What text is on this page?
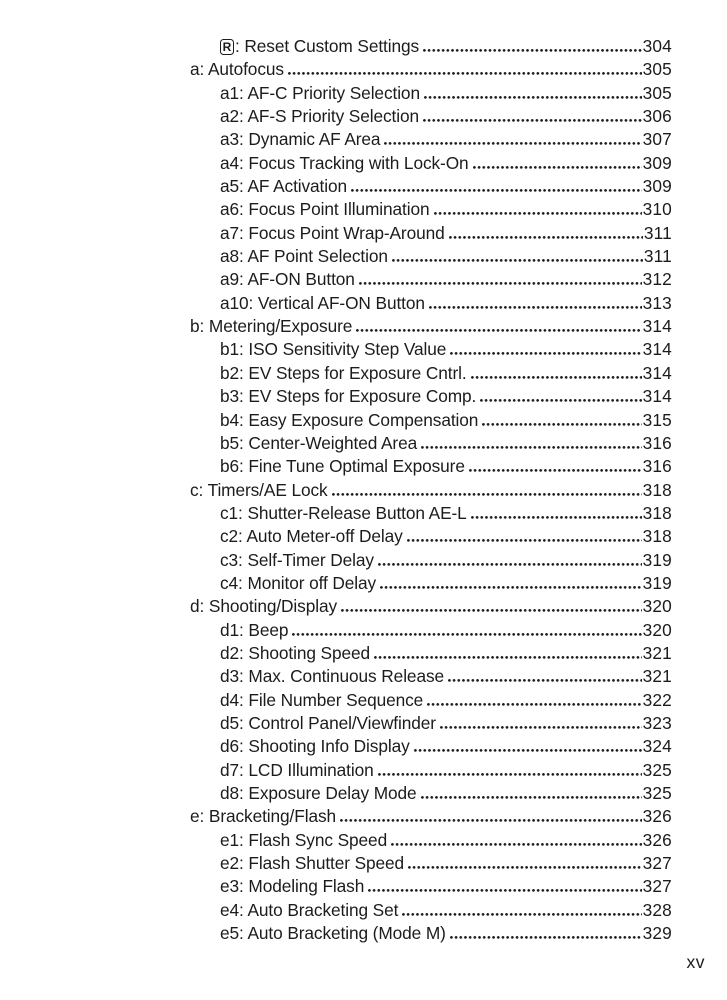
R : Reset Custom Settings	304
a: Autofocus	305
a1: AF-C Priority Selection	305
a2: AF-S Priority Selection	306
a3: Dynamic AF Area	307
a4: Focus Tracking with Lock-On	309
a5: AF Activation	309
a6: Focus Point Illumination	310
a7: Focus Point Wrap-Around	311
a8: AF Point Selection	311
a9: AF-ON Button	312
a10: Vertical AF-ON Button	313
b: Metering/Exposure	314
b1: ISO Sensitivity Step Value	314
b2: EV Steps for Exposure Cntrl.	314
b3: EV Steps for Exposure Comp.	314
b4: Easy Exposure Compensation	315
b5: Center-Weighted Area	316
b6: Fine Tune Optimal Exposure	316
c: Timers/AE Lock	318
c1: Shutter-Release Button AE-L	318
c2: Auto Meter-off Delay	318
c3: Self-Timer Delay	319
c4: Monitor off Delay	319
d: Shooting/Display	320
d1: Beep	320
d2: Shooting Speed	321
d3: Max. Continuous Release	321
d4: File Number Sequence	322
d5: Control Panel/Viewfinder	323
d6: Shooting Info Display	324
d7: LCD Illumination	325
d8: Exposure Delay Mode	325
e: Bracketing/Flash	326
e1: Flash Sync Speed	326
e2: Flash Shutter Speed	327
e3: Modeling Flash	327
e4: Auto Bracketing Set	328
e5: Auto Bracketing (Mode M)	329
xv
